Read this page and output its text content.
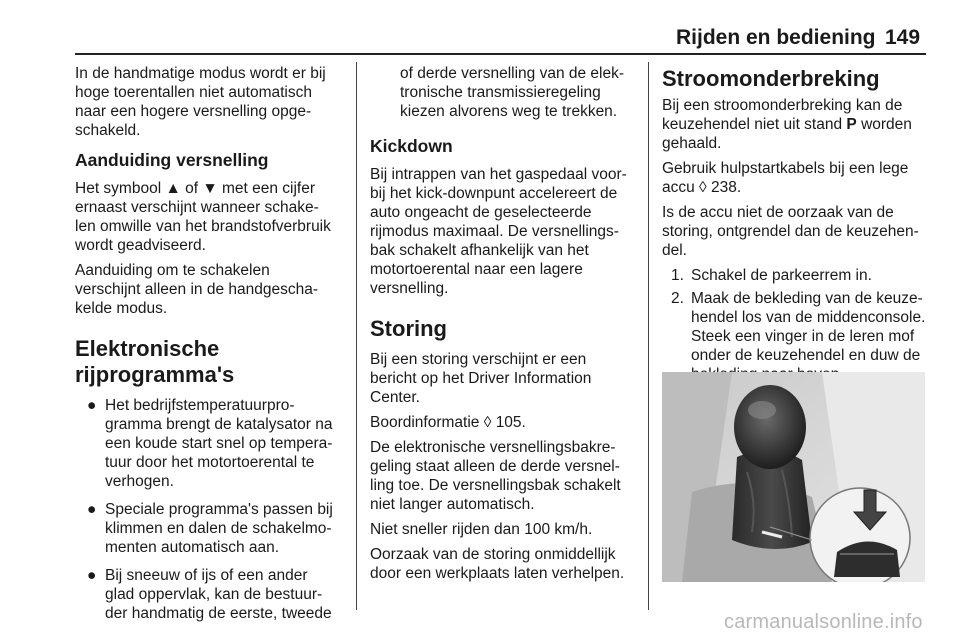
Rijden en bediening 149

In de handmatige modus wordt er bij
hoge toerentallen niet automatisch
naar een hogere versnelling opge-
schakeld.

Aanduiding versnelling

Het symbool ▲ of ▼ met een cijfer
ernaast verschijnt wanneer schake-
len omwille van het brandstofverbruik
wordt geadviseerd.

Aanduiding om te schakelen
verschijnt alleen in de handgescha-
kelde modus.

Elektronische
rijprogramma's
● Het bedrijfstemperatuurpro-
gramma brengt de katalysator na
een koude start snel op tempera-
tuur door het motortoerental te
verhogen.
● Speciale programma's passen bij
klimmen en dalen de schakelmo-
menten automatisch aan.
● Bij sneeuw of ijs of een ander
glad oppervlak, kan de bestuur-
der handmatig de eerste, tweede

of derde versnelling van de elek-
tronische transmissieregeling
kiezen alvorens weg te trekken.

Kickdown

Bij intrappen van het gaspedaal voor-
bij het kick-downpunt accelereert de
auto ongeacht de geselecteerde
rijmodus maximaal. De versnellings-
bak schakelt afhankelijk van het
motortoerental naar een lagere
versnelling.

Storing

Bij een storing verschijnt er een
bericht op het Driver Information
Center.

Boordinformatie ◊ 105.

De elektronische versnellingsbakre-
geling staat alleen de derde versnel-
ling toe. De versnellingsbak schakelt
niet langer automatisch.

Niet sneller rijden dan 100 km/h.

Oorzaak van de storing onmiddellijk
door een werkplaats laten verhelpen.

Stroomonderbreking

Bij een stroomonderbreking kan de
keuzehendel niet uit stand P worden
gehaald.

Gebruik hulpstartkabels bij een lege
accu ◊ 238.

Is de accu niet de oorzaak van de
storing, ontgrendel dan de keuzehen-
del.

1. Schakel de parkeerrem in.
2. Maak de bekleding van de keuze-
hendel los van de middenconsole.
Steek een vinger in de leren mof
onder de keuzehendel en duw de

carmanualsonline.info
